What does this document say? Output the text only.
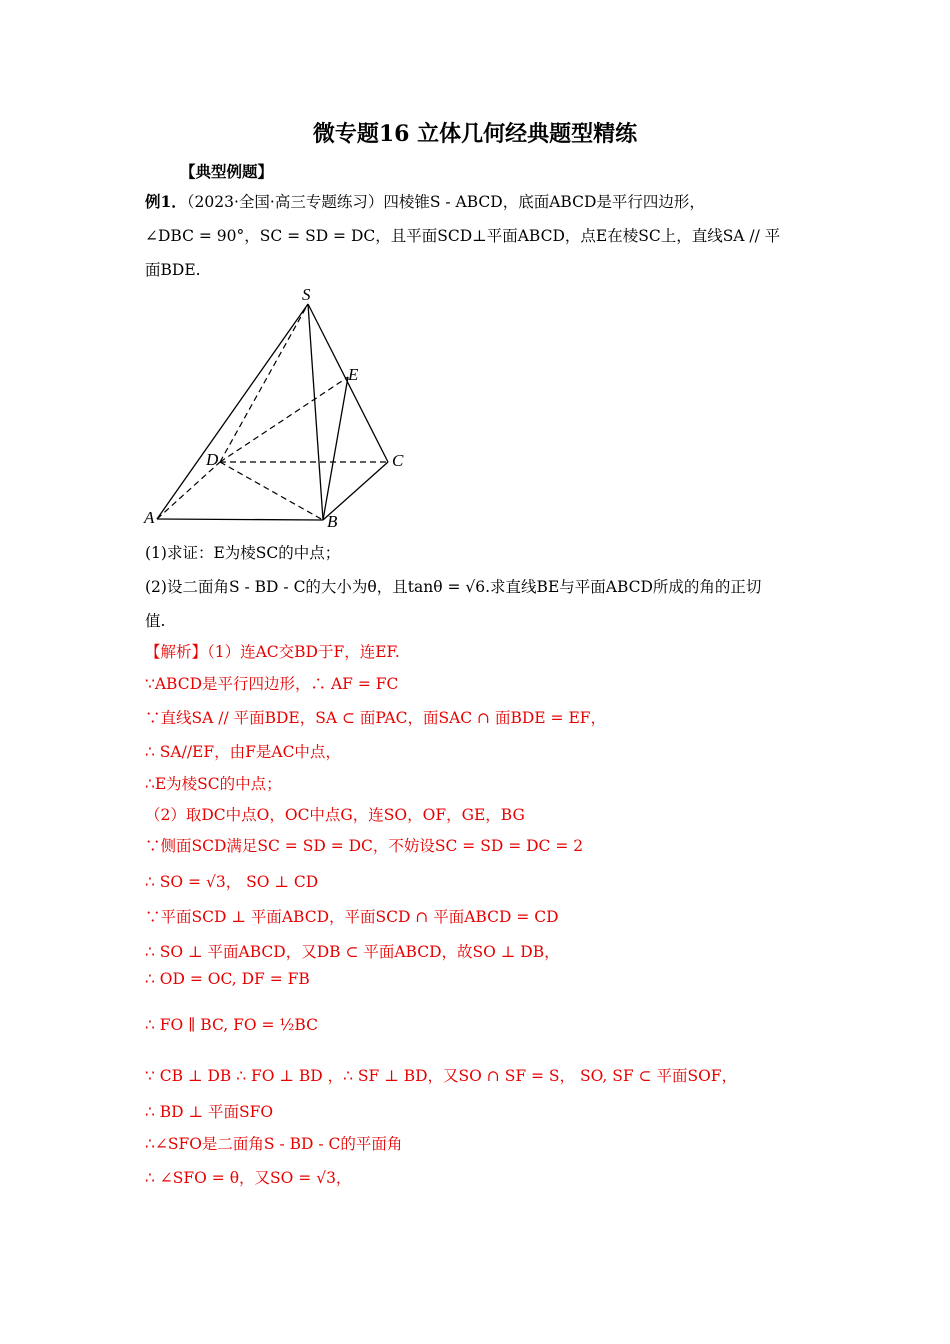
微专题16 立体几何经典题型精练
【典型例题】
例1．（2023·全国·高三专题练习）四棱锥S - ABCD，底面ABCD是平行四边形，
∠DBC = 90°，SC = SD = DC，且平面SCD⊥平面ABCD，点E在棱SC上，直线SA // 平
面BDE.
S
E
D	C
A	B
(1)求证：E为棱SC的中点；
(2)设二面角S - BD - C的大小为θ，且tanθ = √6.求直线BE与平面ABCD所成的角的正切
值.
【解析】（1）连AC交BD于F，连EF.
∵ABCD是平行四边形，∴ AF = FC
∵直线SA // 平面BDE，SA ⊂ 面PAC，面SAC ∩ 面BDE = EF，
∴ SA//EF，由F是AC中点，
∴E为棱SC的中点；
（2）取DC中点O，OC中点G，连SO，OF，GE，BG
∵侧面SCD满足SC = SD = DC，不妨设SC = SD = DC = 2
∴ SO = √3， SO ⊥ CD
∵平面SCD ⊥ 平面ABCD，平面SCD ∩ 平面ABCD = CD
∴ SO ⊥ 平面ABCD，又DB ⊂ 平面ABCD，故SO ⊥ DB，
∴ OD = OC, DF = FB
∴ FO ∥ BC, FO = ½BC
∵ CB ⊥ DB ∴ FO ⊥ BD ，∴ SF ⊥ BD，又SO ∩ SF = S， SO, SF ⊂ 平面SOF，
∴ BD ⊥ 平面SFO
∴∠SFO是二面角S - BD - C的平面角
∴ ∠SFO = θ，又SO = √3，
